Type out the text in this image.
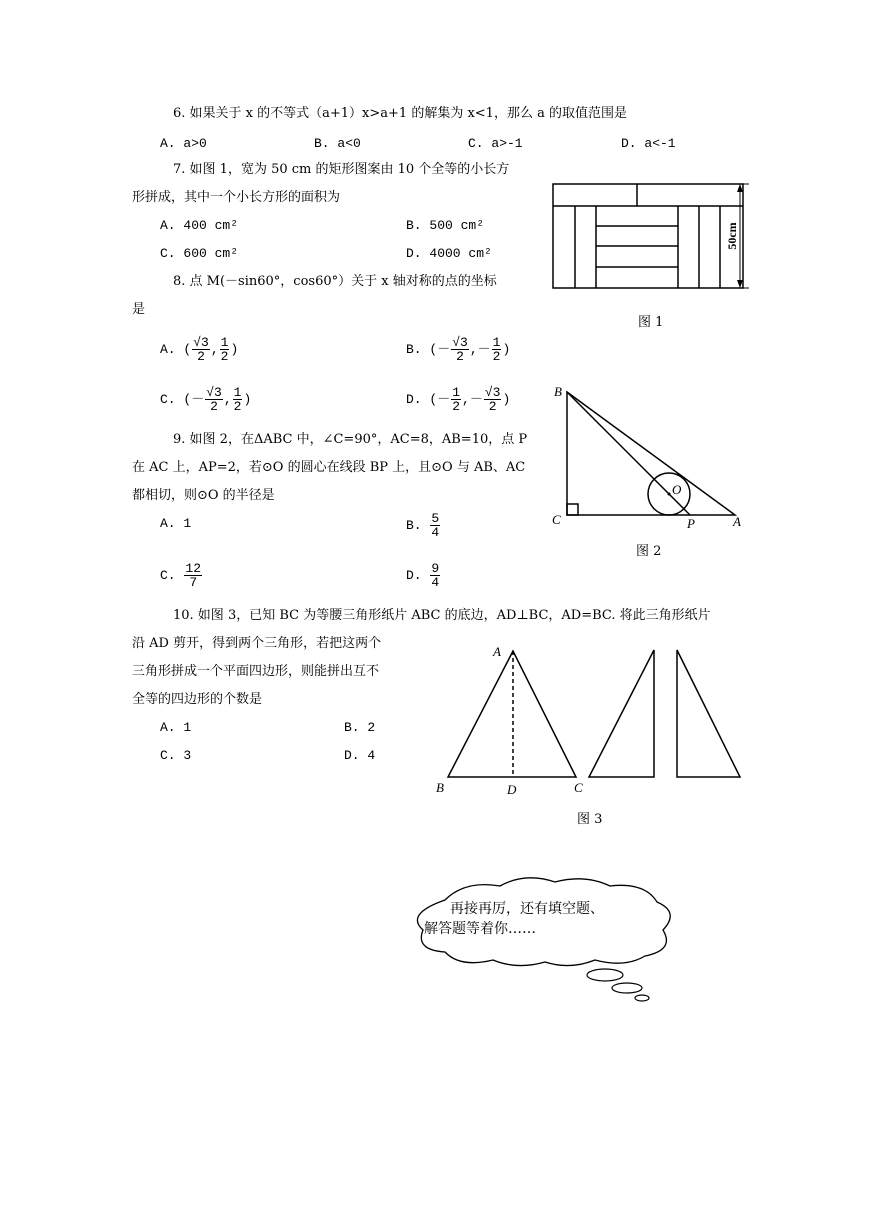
6. 如果关于 x 的不等式（a+1）x>a+1 的解集为 x<1，那么 a 的取值范围是
A. a>0	B. a<0	C. a>-1	D. a<-1
7. 如图 1，宽为 50 cm 的矩形图案由 10 个全等的小长方
形拼成，其中一个小长方形的面积为
A. 400 cm²	B. 500 cm²
C. 600 cm²	D. 4000 cm²
50cm
图 1
8. 点 M(－sin60°，cos60°）关于 x 轴对称的点的坐标
是
A. ( $\frac{√3}{2}$ , $\frac{1}{2}$ )	B. (－ $\frac{√3}{2}$ ,－ $\frac{1}{2}$ )
C. (－ $\frac{√3}{2}$ , $\frac{1}{2}$ )	D. (－ $\frac{1}{2}$ ,－ $\frac{√3}{2}$ )
9. 如图 2，在ΔABC 中，∠C=90°，AC=8，AB=10，点 P
在 AC 上，AP=2，若⊙O 的圆心在线段 BP 上，且⊙O 与 AB、AC
都相切，则⊙O 的半径是
A. 1	B. $\frac{5}{4}$
C. $\frac{12}{7}$	D. $\frac{9}{4}$
B
C
O
P	A
图 2
10. 如图 3，已知 BC 为等腰三角形纸片 ABC 的底边，AD⊥BC，AD=BC. 将此三角形纸片
沿 AD 剪开，得到两个三角形，若把这两个
三角形拼成一个平面四边形，则能拼出互不
全等的四边形的个数是
A. 1	B. 2
C. 3	D. 4
A
B	D	C
图 3
再接再厉，还有填空题、
解答题等着你……
